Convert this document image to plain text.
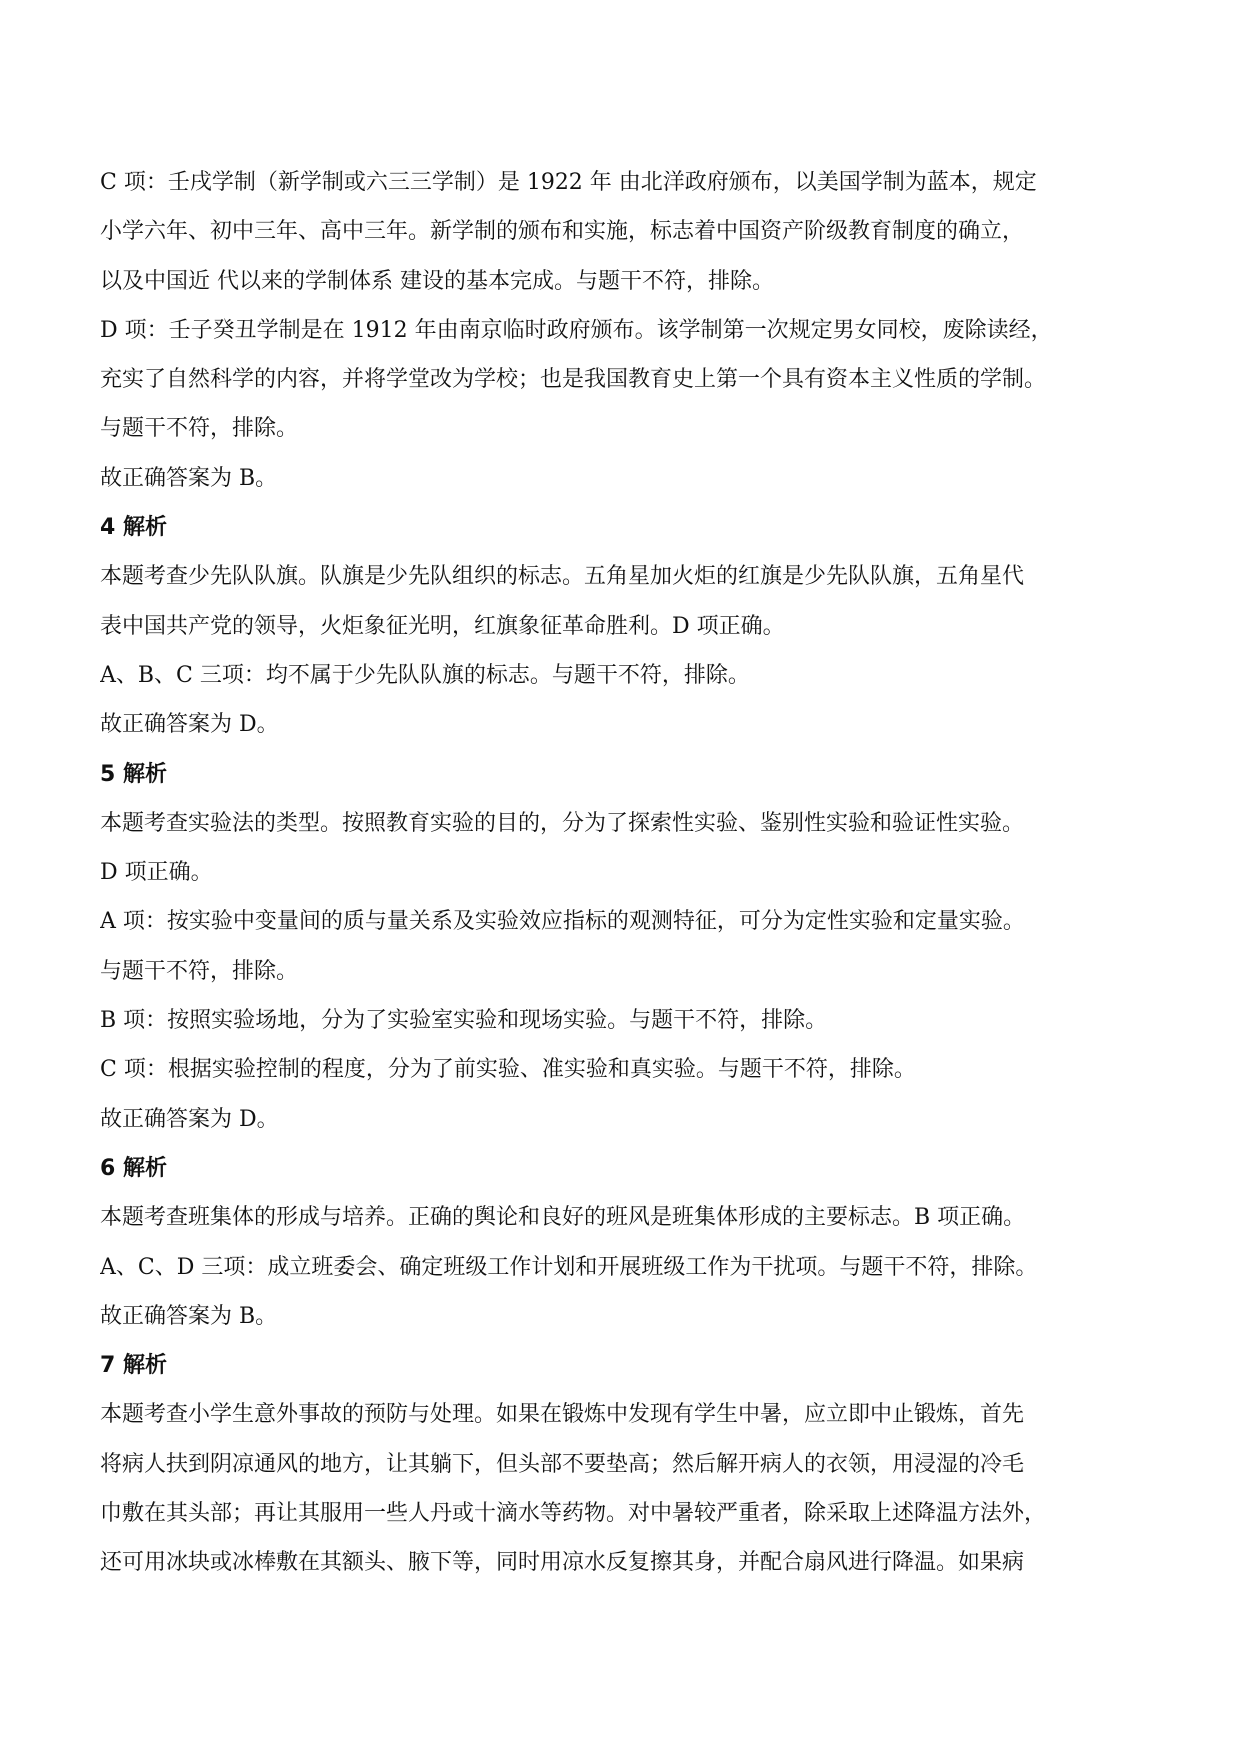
C 项：壬戌学制（新学制或六三三学制）是 1922 年 由北洋政府颁布，以美国学制为蓝本，规定
小学六年、初中三年、高中三年。新学制的颁布和实施，标志着中国资产阶级教育制度的确立，
以及中国近 代以来的学制体系 建设的基本完成。与题干不符，排除。
D 项：壬子癸丑学制是在 1912 年由南京临时政府颁布。该学制第一次规定男女同校，废除读经，
充实了自然科学的内容，并将学堂改为学校；也是我国教育史上第一个具有资本主义性质的学制。
与题干不符，排除。
故正确答案为 B。
4 解析
本题考查少先队队旗。队旗是少先队组织的标志。五角星加火炬的红旗是少先队队旗，五角星代
表中国共产党的领导，火炬象征光明，红旗象征革命胜利。D 项正确。
A、B、C 三项：均不属于少先队队旗的标志。与题干不符，排除。
故正确答案为 D。
5 解析
本题考查实验法的类型。按照教育实验的目的，分为了探索性实验、鉴别性实验和验证性实验。
D 项正确。
A 项：按实验中变量间的质与量关系及实验效应指标的观测特征，可分为定性实验和定量实验。
与题干不符，排除。
B 项：按照实验场地，分为了实验室实验和现场实验。与题干不符，排除。
C 项：根据实验控制的程度，分为了前实验、准实验和真实验。与题干不符，排除。
故正确答案为 D。
6 解析
本题考查班集体的形成与培养。正确的舆论和良好的班风是班集体形成的主要标志。B 项正确。
A、C、D 三项：成立班委会、确定班级工作计划和开展班级工作为干扰项。与题干不符，排除。
故正确答案为 B。
7 解析
本题考查小学生意外事故的预防与处理。如果在锻炼中发现有学生中暑，应立即中止锻炼，首先
将病人扶到阴凉通风的地方，让其躺下，但头部不要垫高；然后解开病人的衣领，用浸湿的冷毛
巾敷在其头部；再让其服用一些人丹或十滴水等药物。对中暑较严重者，除采取上述降温方法外，
还可用冰块或冰棒敷在其额头、腋下等，同时用凉水反复擦其身，并配合扇风进行降温。如果病
